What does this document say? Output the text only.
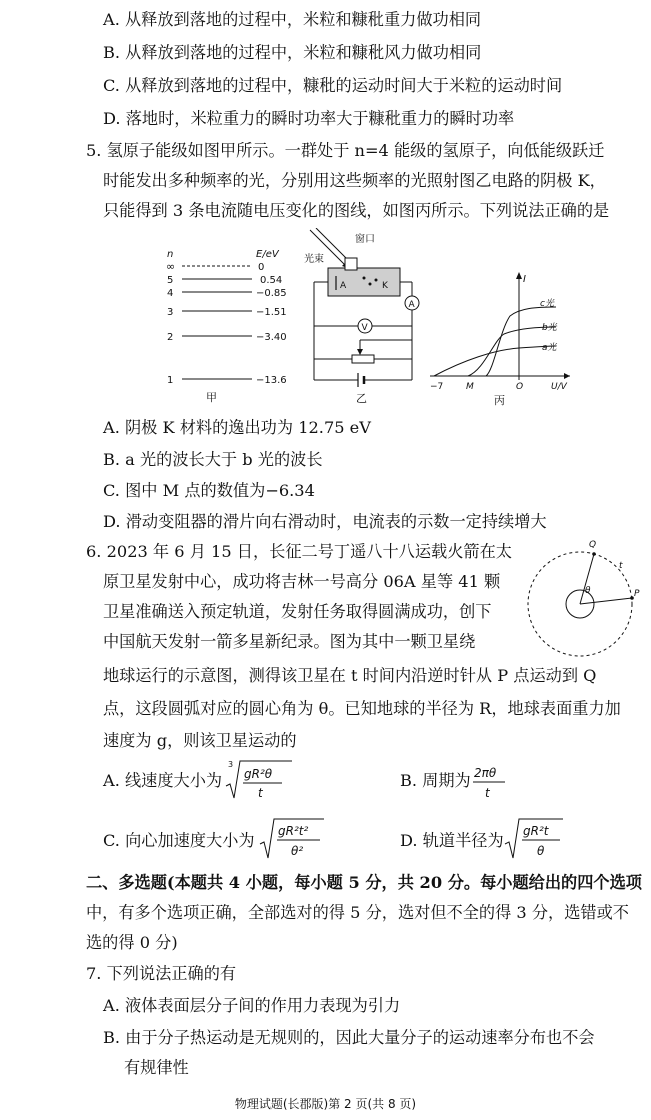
A. 从释放到落地的过程中，米粒和糠秕重力做功相同
B. 从释放到落地的过程中，米粒和糠秕风力做功相同
C. 从释放到落地的过程中，糠秕的运动时间大于米粒的运动时间
D. 落地时，米粒重力的瞬时功率大于糠秕重力的瞬时功率
5. 氢原子能级如图甲所示。一群处于 n=4 能级的氢原子，向低能级跃迁
时能发出多种频率的光，分别用这些频率的光照射图乙电路的阴极 K，
只能得到 3 条电流随电压变化的图线，如图丙所示。下列说法正确的是
n	E/eV
∞	0
5	0.54
4	−0.85
3	−1.51
2	−3.40
1	−13.6
甲
光束
窗口
A	K
A
V
乙
I
U/V
−7	M	O
c光
b光
a光
丙
A. 阴极 K 材料的逸出功为 12.75 eV
B. a 光的波长大于 b 光的波长
C. 图中 M 点的数值为−6.34
D. 滑动变阻器的滑片向右滑动时，电流表的示数一定持续增大
6. 2023 年 6 月 15 日，长征二号丁遥八十八运载火箭在太
原卫星发射中心，成功将吉林一号高分 06A 星等 41 颗
卫星准确送入预定轨道，发射任务取得圆满成功，创下
中国航天发射一箭多星新纪录。图为其中一颗卫星绕
地球运行的示意图，测得该卫星在 t 时间内沿逆时针从 P 点运动到 Q
点，这段圆弧对应的圆心角为 θ。已知地球的半径为 R，地球表面重力加
速度为 g，则该卫星运动的
Q
P
θ
t
A. 线速度大小为
3
gR²θ
t
B. 周期为 2πθ
t
C. 向心加速度大小为 gR²t²
θ²
D. 轨道半径为 gR²t
θ
二、多选题(本题共 4 小题，每小题 5 分，共 20 分。每小题给出的四个选项
中，有多个选项正确，全部选对的得 5 分，选对但不全的得 3 分，选错或不
选的得 0 分)
7. 下列说法正确的有
A. 液体表面层分子间的作用力表现为引力
B. 由于分子热运动是无规则的，因此大量分子的运动速率分布也不会
有规律性
物理试题(长郡版)第 2 页(共 8 页)
